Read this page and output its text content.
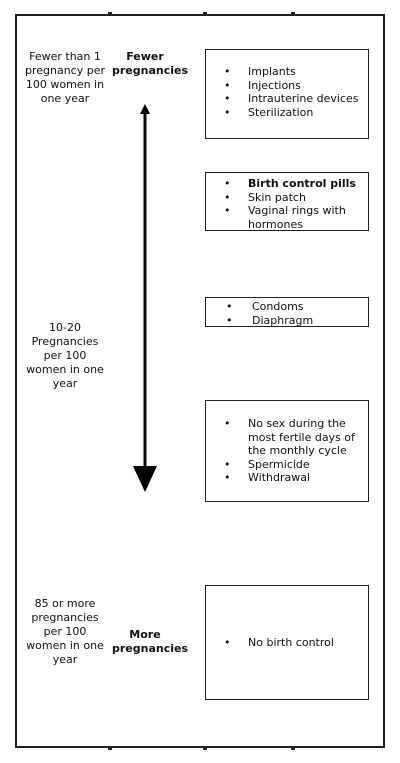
Fewer than 1 pregnancy per 100 women in one year
10-20 Pregnancies per 100 women in one year
85 or more pregnancies per 100 women in one year
Fewer pregnancies
More pregnancies
• Implants
• Injections
• Intrauterine devices
• Sterilization
• Birth control pills
• Skin patch
• Vaginal rings with hormones
• Condoms
• Diaphragm
• No sex during the most fertile days of the monthly cycle
• Spermicide
• Withdrawal
• No birth control
